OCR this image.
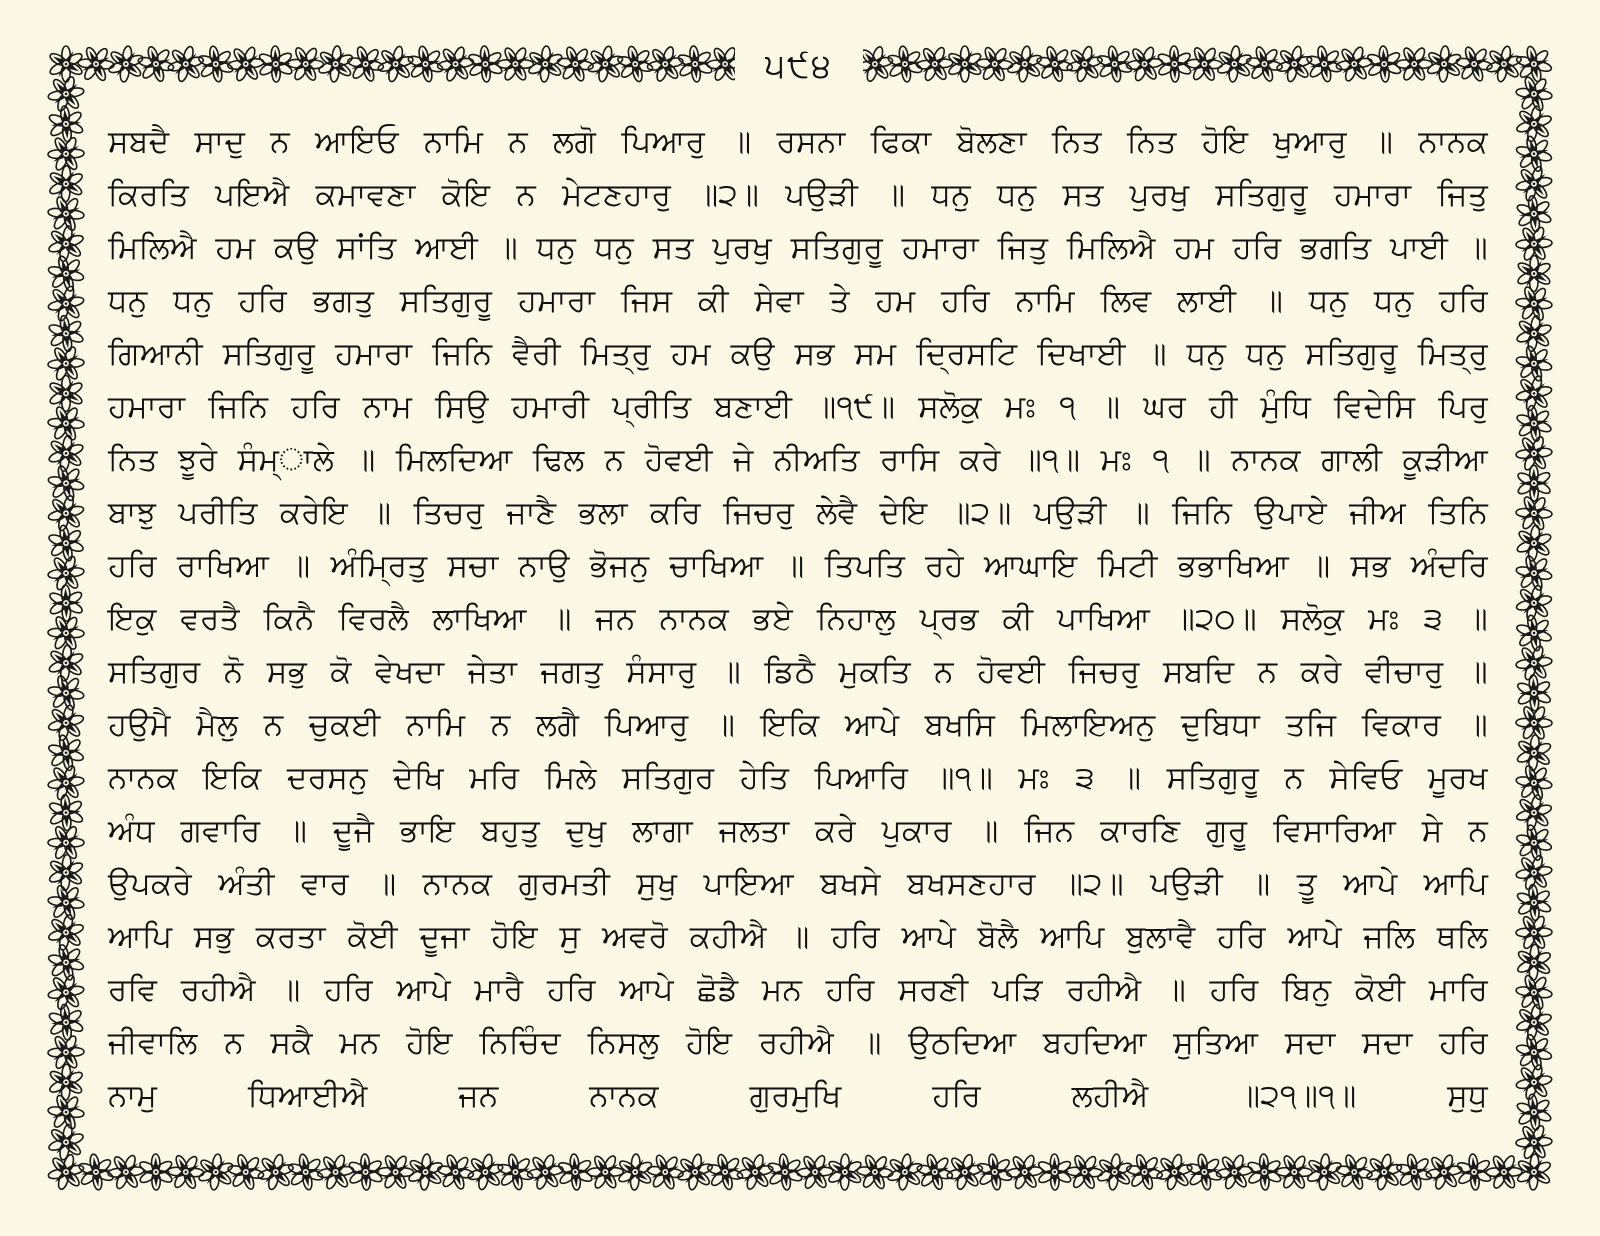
੫੯੪
ਸਬਦੈ ਸਾਦੁ ਨ ਆਇਓ ਨਾਮਿ ਨ ਲਗੋ ਪਿਆਰੁ ॥ ਰਸਨਾ ਫਿਕਾ ਬੋਲਣਾ ਨਿਤ ਨਿਤ ਹੋਇ ਖੁਆਰੁ ॥ ਨਾਨਕ
ਕਿਰਤਿ ਪਇਐ ਕਮਾਵਣਾ ਕੋਇ ਨ ਮੇਟਣਹਾਰੁ ॥੨॥ ਪਉੜੀ ॥ ਧਨੁ ਧਨੁ ਸਤ ਪੁਰਖੁ ਸਤਿਗੁਰੂ ਹਮਾਰਾ ਜਿਤੁ
ਮਿਲਿਐ ਹਮ ਕਉ ਸਾਂਤਿ ਆਈ ॥ ਧਨੁ ਧਨੁ ਸਤ ਪੁਰਖੁ ਸਤਿਗੁਰੂ ਹਮਾਰਾ ਜਿਤੁ ਮਿਲਿਐ ਹਮ ਹਰਿ ਭਗਤਿ ਪਾਈ ॥
ਧਨੁ ਧਨੁ ਹਰਿ ਭਗਤੁ ਸਤਿਗੁਰੂ ਹਮਾਰਾ ਜਿਸ ਕੀ ਸੇਵਾ ਤੇ ਹਮ ਹਰਿ ਨਾਮਿ ਲਿਵ ਲਾਈ ॥ ਧਨੁ ਧਨੁ ਹਰਿ
ਗਿਆਨੀ ਸਤਿਗੁਰੂ ਹਮਾਰਾ ਜਿਨਿ ਵੈਰੀ ਮਿਤ੍ਰੁ ਹਮ ਕਉ ਸਭ ਸਮ ਦ੍ਰਿਸਟਿ ਦਿਖਾਈ ॥ ਧਨੁ ਧਨੁ ਸਤਿਗੁਰੂ ਮਿਤ੍ਰੁ
ਹਮਾਰਾ ਜਿਨਿ ਹਰਿ ਨਾਮ ਸਿਉ ਹਮਾਰੀ ਪ੍ਰੀਤਿ ਬਣਾਈ ॥੧੯॥ ਸਲੋਕੁ ਮਃ ੧ ॥ ਘਰ ਹੀ ਮੁੰਧਿ ਵਿਦੇਸਿ ਪਿਰੁ
ਨਿਤ ਝੂਰੇ ਸੰਮ੍ਾਲੇ ॥ ਮਿਲਦਿਆ ਢਿਲ ਨ ਹੋਵਈ ਜੇ ਨੀਅਤਿ ਰਾਸਿ ਕਰੇ ॥੧॥ ਮਃ ੧ ॥ ਨਾਨਕ ਗਾਲੀ ਕੂੜੀਆ
ਬਾਝੁ ਪਰੀਤਿ ਕਰੇਇ ॥ ਤਿਚਰੁ ਜਾਣੈ ਭਲਾ ਕਰਿ ਜਿਚਰੁ ਲੇਵੈ ਦੇਇ ॥੨॥ ਪਉੜੀ ॥ ਜਿਨਿ ਉਪਾਏ ਜੀਅ ਤਿਨਿ
ਹਰਿ ਰਾਖਿਆ ॥ ਅੰਮ੍ਰਿਤੁ ਸਚਾ ਨਾਉ ਭੋਜਨੁ ਚਾਖਿਆ ॥ ਤਿਪਤਿ ਰਹੇ ਆਘਾਇ ਮਿਟੀ ਭਭਾਖਿਆ ॥ ਸਭ ਅੰਦਰਿ
ਇਕੁ ਵਰਤੈ ਕਿਨੈ ਵਿਰਲੈ ਲਾਖਿਆ ॥ ਜਨ ਨਾਨਕ ਭਏ ਨਿਹਾਲੁ ਪ੍ਰਭ ਕੀ ਪਾਖਿਆ ॥੨੦॥ ਸਲੋਕੁ ਮਃ ੩ ॥
ਸਤਿਗੁਰ ਨੋ ਸਭੁ ਕੋ ਵੇਖਦਾ ਜੇਤਾ ਜਗਤੁ ਸੰਸਾਰੁ ॥ ਡਿਠੈ ਮੁਕਤਿ ਨ ਹੋਵਈ ਜਿਚਰੁ ਸਬਦਿ ਨ ਕਰੇ ਵੀਚਾਰੁ ॥
ਹਉਮੈ ਮੈਲੁ ਨ ਚੁਕਈ ਨਾਮਿ ਨ ਲਗੈ ਪਿਆਰੁ ॥ ਇਕਿ ਆਪੇ ਬਖਸਿ ਮਿਲਾਇਅਨੁ ਦੁਬਿਧਾ ਤਜਿ ਵਿਕਾਰ ॥
ਨਾਨਕ ਇਕਿ ਦਰਸਨੁ ਦੇਖਿ ਮਰਿ ਮਿਲੇ ਸਤਿਗੁਰ ਹੇਤਿ ਪਿਆਰਿ ॥੧॥ ਮਃ ੩ ॥ ਸਤਿਗੁਰੂ ਨ ਸੇਵਿਓ ਮੂਰਖ
ਅੰਧ ਗਵਾਰਿ ॥ ਦੂਜੈ ਭਾਇ ਬਹੁਤੁ ਦੁਖੁ ਲਾਗਾ ਜਲਤਾ ਕਰੇ ਪੁਕਾਰ ॥ ਜਿਨ ਕਾਰਣਿ ਗੁਰੂ ਵਿਸਾਰਿਆ ਸੇ ਨ
ਉਪਕਰੇ ਅੰਤੀ ਵਾਰ ॥ ਨਾਨਕ ਗੁਰਮਤੀ ਸੁਖੁ ਪਾਇਆ ਬਖਸੇ ਬਖਸਣਹਾਰ ॥੨॥ ਪਉੜੀ ॥ ਤੂ ਆਪੇ ਆਪਿ
ਆਪਿ ਸਭੁ ਕਰਤਾ ਕੋਈ ਦੂਜਾ ਹੋਇ ਸੁ ਅਵਰੋ ਕਹੀਐ ॥ ਹਰਿ ਆਪੇ ਬੋਲੈ ਆਪਿ ਬੁਲਾਵੈ ਹਰਿ ਆਪੇ ਜਲਿ ਥਲਿ
ਰਵਿ ਰਹੀਐ ॥ ਹਰਿ ਆਪੇ ਮਾਰੈ ਹਰਿ ਆਪੇ ਛੋਡੈ ਮਨ ਹਰਿ ਸਰਣੀ ਪੜਿ ਰਹੀਐ ॥ ਹਰਿ ਬਿਨੁ ਕੋਈ ਮਾਰਿ
ਜੀਵਾਲਿ ਨ ਸਕੈ ਮਨ ਹੋਇ ਨਿਚਿੰਦ ਨਿਸਲੁ ਹੋਇ ਰਹੀਐ ॥ ਉਠਦਿਆ ਬਹਦਿਆ ਸੁਤਿਆ ਸਦਾ ਸਦਾ ਹਰਿ
ਨਾਮੁ ਧਿਆਈਐ ਜਨ ਨਾਨਕ ਗੁਰਮੁਖਿ ਹਰਿ ਲਹੀਐ ॥੨੧॥੧॥ ਸੁਧੁ
